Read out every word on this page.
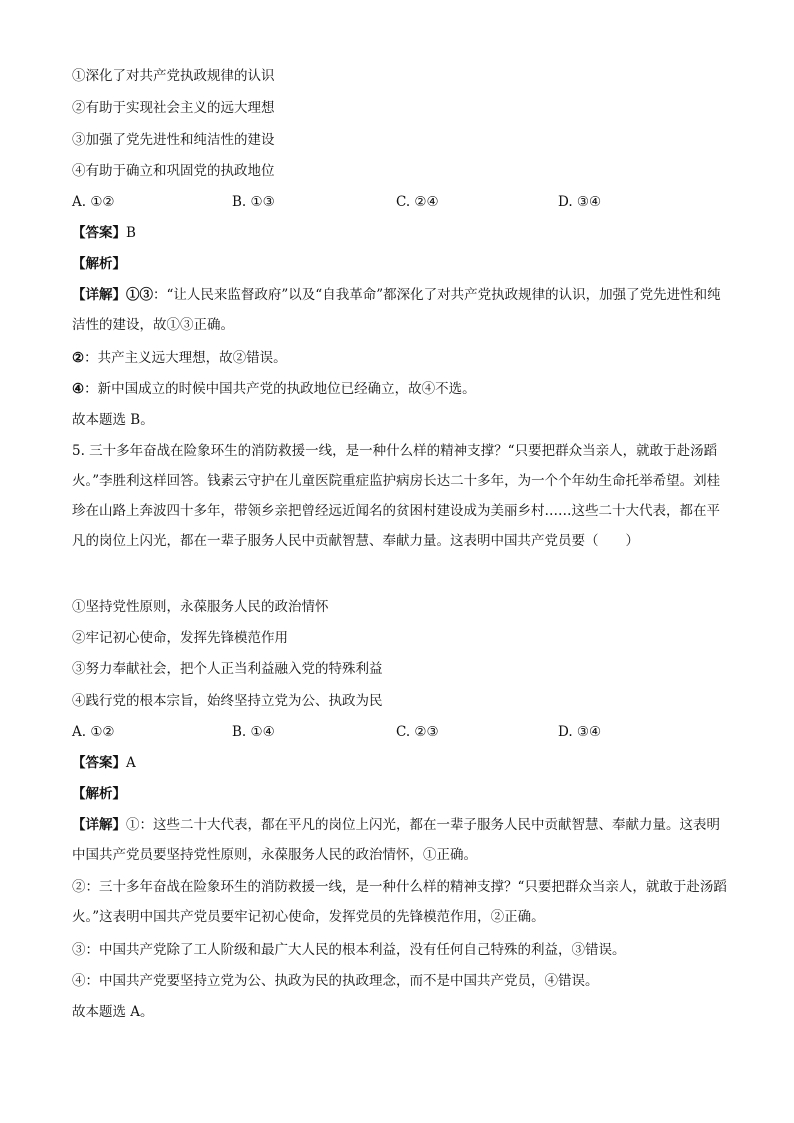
①深化了对共产党执政规律的认识
②有助于实现社会主义的远大理想
③加强了党先进性和纯洁性的建设
④有助于确立和巩固党的执政地位
A. ①②	B. ①③	C. ②④	D. ③④
【答案】B
【解析】
【详解】①③：“让人民来监督政府”以及“自我革命”都深化了对共产党执政规律的认识，加强了党先进性和纯洁性的建设，故①③正确。
②：共产主义远大理想，故②错误。
④：新中国成立的时候中国共产党的执政地位已经确立，故④不选。
故本题选 B。
5. 三十多年奋战在险象环生的消防救援一线，是一种什么样的精神支撑？“只要把群众当亲人，就敢于赴汤蹈火。”李胜利这样回答。钱素云守护在儿童医院重症监护病房长达二十多年，为一个个年幼生命托举希望。刘桂珍在山路上奔波四十多年，带领乡亲把曾经远近闻名的贫困村建设成为美丽乡村……这些二十大代表，都在平凡的岗位上闪光，都在一辈子服务人民中贡献智慧、奉献力量。这表明中国共产党员要（　　）
①坚持党性原则，永葆服务人民的政治情怀
②牢记初心使命，发挥先锋模范作用
③努力奉献社会，把个人正当利益融入党的特殊利益
④践行党的根本宗旨，始终坚持立党为公、执政为民
A. ①②	B. ①④	C. ②③	D. ③④
【答案】A
【解析】
【详解】①：这些二十大代表，都在平凡的岗位上闪光，都在一辈子服务人民中贡献智慧、奉献力量。这表明中国共产党员要坚持党性原则，永葆服务人民的政治情怀，①正确。
②：三十多年奋战在险象环生的消防救援一线，是一种什么样的精神支撑？“只要把群众当亲人，就敢于赴汤蹈火。”这表明中国共产党员要牢记初心使命，发挥党员的先锋模范作用，②正确。
③：中国共产党除了工人阶级和最广大人民的根本利益，没有任何自己特殊的利益，③错误。
④：中国共产党要坚持立党为公、执政为民的执政理念，而不是中国共产党员，④错误。
故本题选 A。
